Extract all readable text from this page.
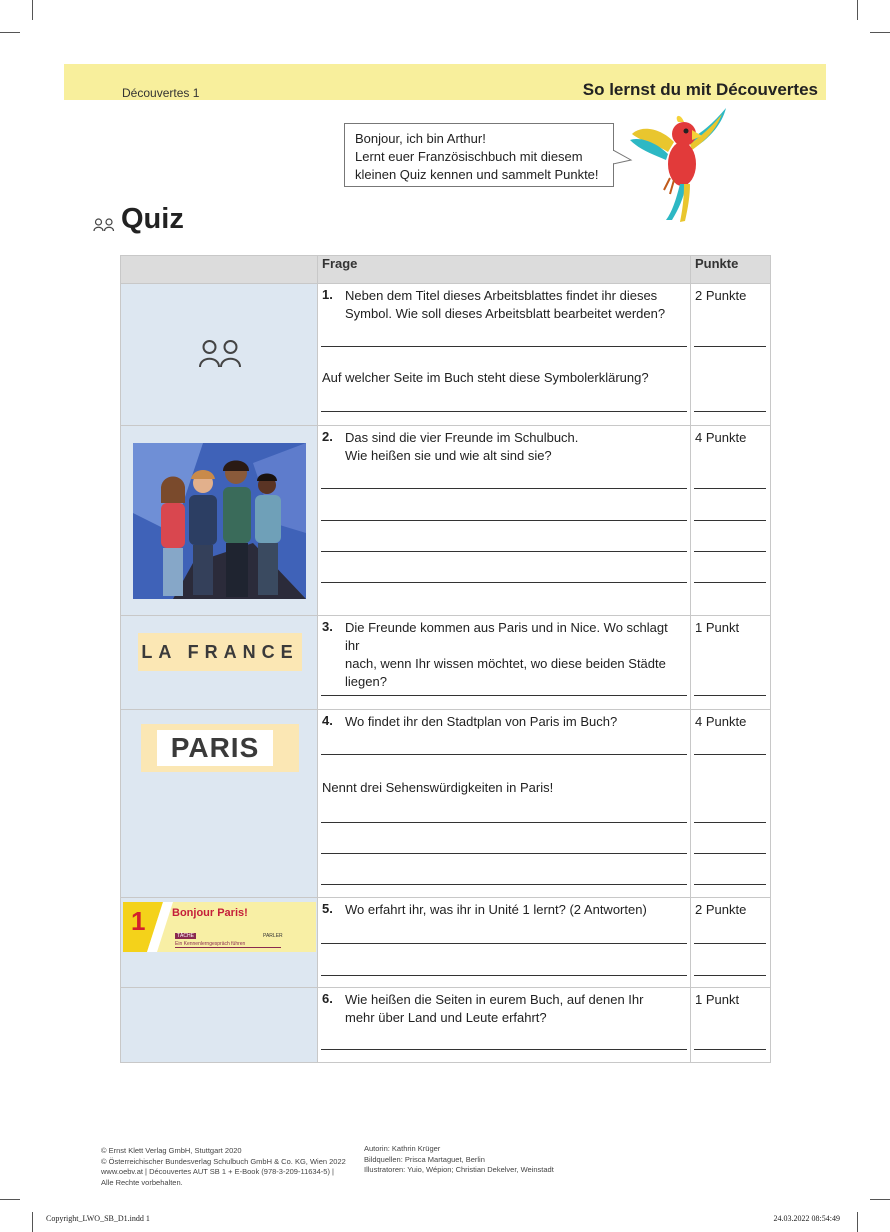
Découvertes 1	So lernst du mit Découvertes
Bonjour, ich bin Arthur!
Lernt euer Französischbuch mit diesem
kleinen Quiz kennen und sammelt Punkte!
Quiz
	Frage	Punkte

1. Neben dem Titel dieses Arbeitsblattes findet ihr dieses
Symbol. Wie soll dieses Arbeitsblatt bearbeitet werden?
Auf welcher Seite im Buch steht diese Symbolerklärung?	2 Punkte

2. Das sind die vier Freunde im Schulbuch.
Wie heißen sie und wie alt sind sie?	4 Punkte

LA FRANCE	3. Die Freunde kommen aus Paris und in Nice. Wo schlagt ihr
nach, wenn Ihr wissen möchtet, wo diese beiden Städte
liegen?	1 Punkt

PARIS	4. Wo findet ihr den Stadtplan von Paris im Buch?
Nennt drei Sehenswürdigkeiten in Paris!	4 Punkte

1 Bonjour Paris!
TÂCHE PARLER
Ein Kennenlerngespräch führen	5. Wo erfahrt ihr, was ihr in Unité 1 lernt? (2 Antworten)	2 Punkte

	6. Wie heißen die Seiten in eurem Buch, auf denen Ihr
mehr über Land und Leute erfahrt?	1 Punkt
© Ernst Klett Verlag GmbH, Stuttgart 2020
© Österreichischer Bundesverlag Schulbuch GmbH & Co. KG, Wien 2022
www.oebv.at | Découvertes AUT SB 1 + E-Book (978-3-209-11634-5) |
Alle Rechte vorbehalten.
Autorin: Kathrin Krüger
Bildquellen: Prisca Martaguet, Berlin
Illustratoren: Yuio, Wépion; Christian Dekelver, Weinstadt
Copyright_LWO_SB_D1.indd 1	24.03.2022 08:54:49
